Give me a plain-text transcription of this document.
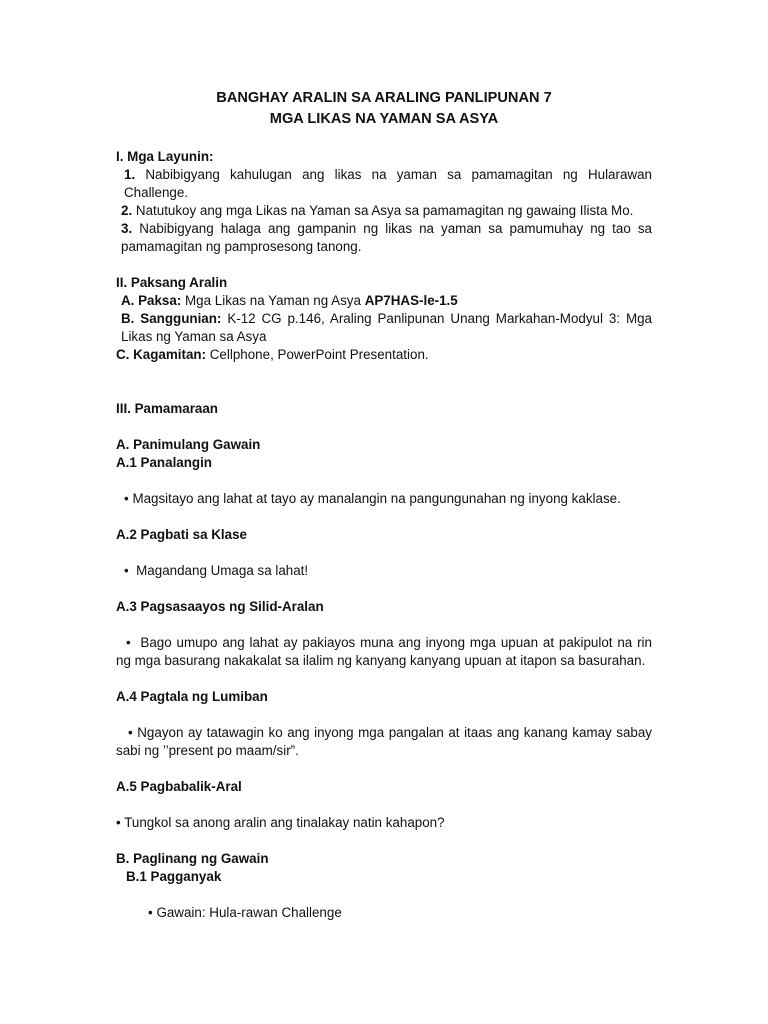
BANGHAY ARALIN SA ARALING PANLIPUNAN 7

MGA LIKAS NA YAMAN SA ASYA

I. Mga Layunin:

1. Nabibigyang kahulugan ang likas na yaman sa pamamagitan ng Hularawan Challenge.

2. Natutukoy ang mga Likas na Yaman sa Asya sa pamamagitan ng gawaing Ilista Mo.

3. Nabibigyang halaga ang gampanin ng likas na yaman sa pamumuhay ng tao sa pamamagitan ng pamprosesong tanong.

II. Paksang Aralin

A. Paksa: Mga Likas na Yaman ng Asya AP7HAS-le-1.5

B. Sanggunian: K-12 CG p.146, Araling Panlipunan Unang Markahan-Modyul 3: Mga Likas ng Yaman sa Asya

C. Kagamitan: Cellphone, PowerPoint Presentation.

III. Pamamaraan

A. Panimulang Gawain

A.1 Panalangin

• Magsitayo ang lahat at tayo ay manalangin na pangungunahan ng inyong kaklase.

A.2 Pagbati sa Klase

• Magandang Umaga sa lahat!

A.3 Pagsasaayos ng Silid-Aralan

• Bago umupo ang lahat ay pakiayos muna ang inyong mga upuan at pakipulot na rin ng mga basurang nakakalat sa ilalim ng kanyang kanyang upuan at itapon sa basurahan.

A.4 Pagtala ng Lumiban

• Ngayon ay tatawagin ko ang inyong mga pangalan at itaas ang kanang kamay sabay sabi ng ’’present po maam/sir”.

A.5 Pagbabalik-Aral

• Tungkol sa anong aralin ang tinalakay natin kahapon?

B. Paglinang ng Gawain

B.1 Pagganyak

• Gawain: Hula-rawan Challenge
